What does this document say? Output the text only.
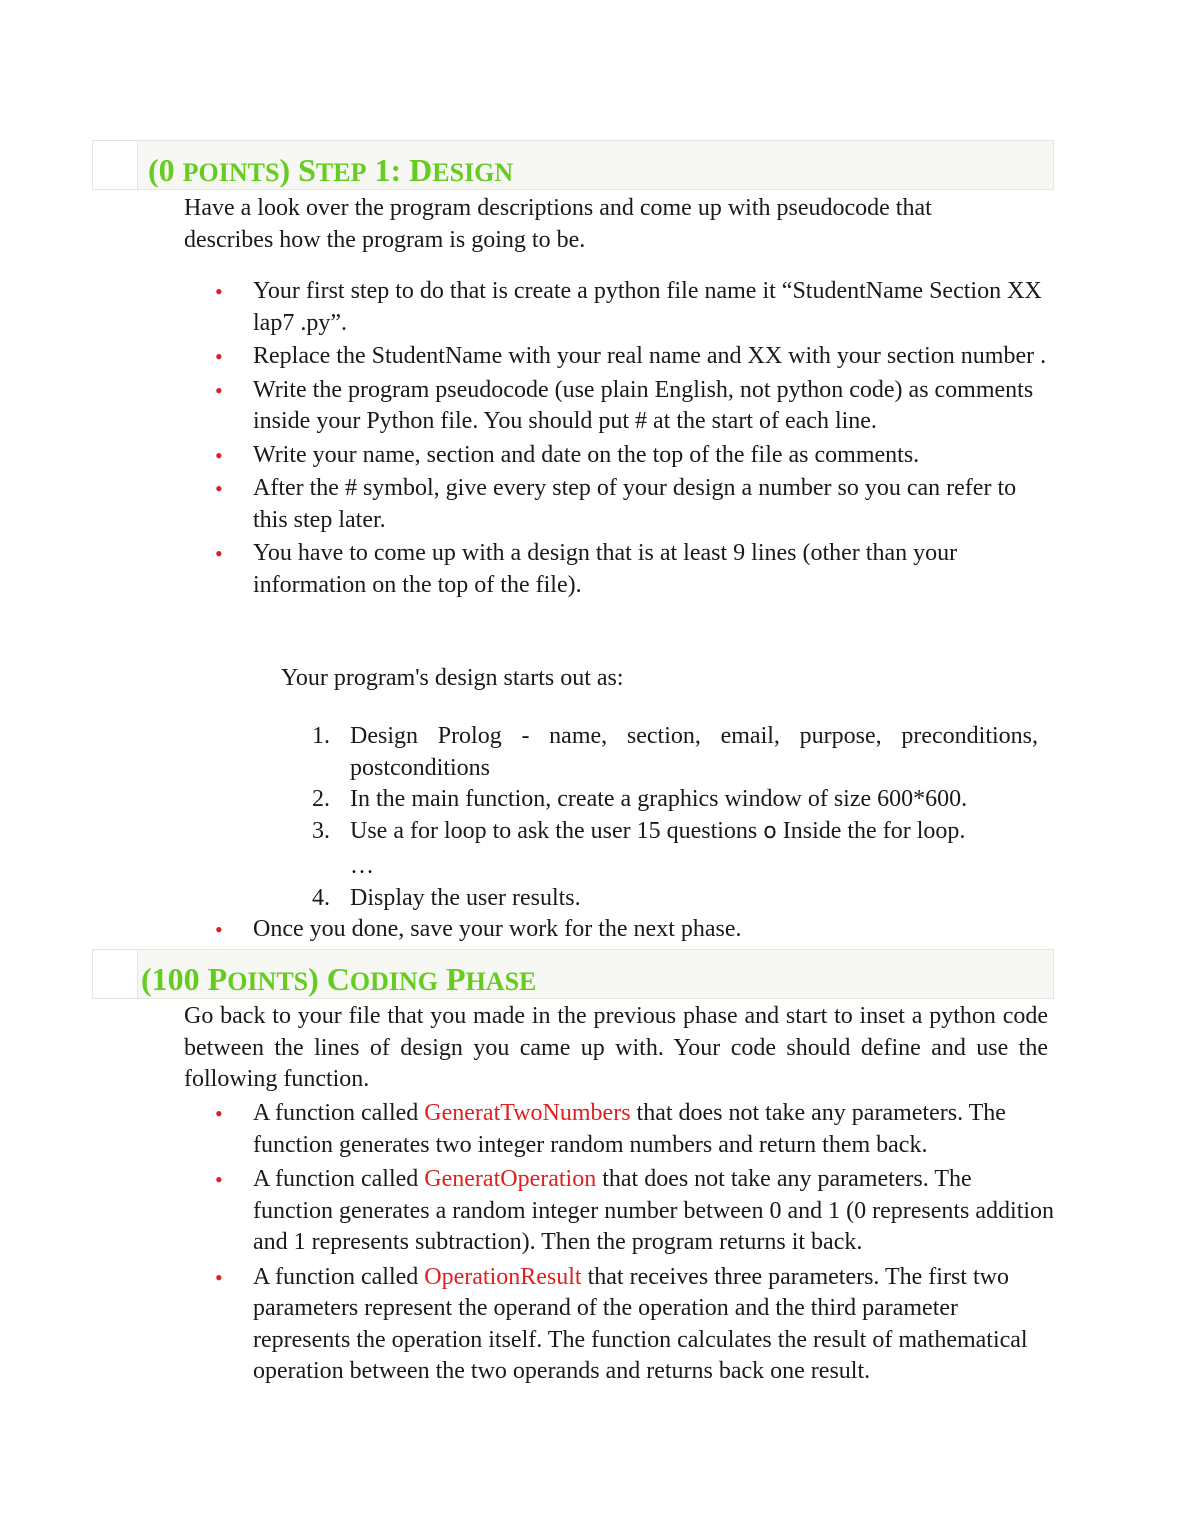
(0 POINTS) STEP 1: DESIGN
Have a look over the program descriptions and come up with pseudocode that describes how the program is going to be.
• Your first step to do that is create a python file name it “StudentName Section XX lap7 .py”.
• Replace the StudentName with your real name and XX with your section number .
• Write the program pseudocode (use plain English, not python code) as comments inside your Python file. You should put # at the start of each line.
• Write your name, section and date on the top of the file as comments.
• After the # symbol, give every step of your design a number so you can refer to this step later.
• You have to come up with a design that is at least 9 lines (other than your information on the top of the file).
Your program's design starts out as:
1. Design Prolog - name, section, email, purpose, preconditions, postconditions
2. In the main function, create a graphics window of size 600*600.
3. Use a for loop to ask the user 15 questions o Inside the for loop.
…
4. Display the user results.
• Once you done, save your work for the next phase.
(100 POINTS) CODING PHASE
Go back to your file that you made in the previous phase and start to inset a python code between the lines of design you came up with. Your code should define and use the following function.
• A function called GeneratTwoNumbers that does not take any parameters. The function generates two integer random numbers and return them back.
• A function called GeneratOperation that does not take any parameters. The function generates a random integer number between 0 and 1 (0 represents addition and 1 represents subtraction). Then the program returns it back.
• A function called OperationResult that receives three parameters. The first two parameters represent the operand of the operation and the third parameter represents the operation itself. The function calculates the result of mathematical operation between the two operands and returns back one result.
